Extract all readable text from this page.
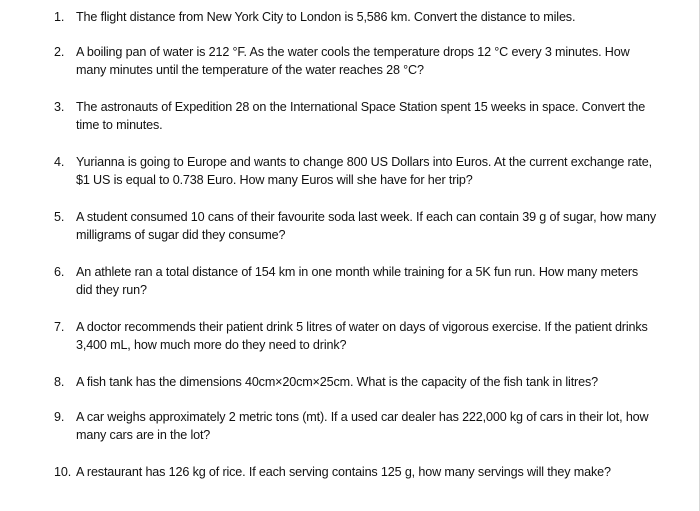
1. The flight distance from New York City to London is 5,586 km. Convert the distance to miles.
2. A boiling pan of water is 212 °F. As the water cools the temperature drops 12 °C every 3 minutes. How many minutes until the temperature of the water reaches 28 °C?
3. The astronauts of Expedition 28 on the International Space Station spent 15 weeks in space. Convert the time to minutes.
4. Yurianna is going to Europe and wants to change 800 US Dollars into Euros. At the current exchange rate, $1 US is equal to 0.738 Euro. How many Euros will she have for her trip?
5. A student consumed 10 cans of their favourite soda last week. If each can contain 39 g of sugar, how many milligrams of sugar did they consume?
6. An athlete ran a total distance of 154 km in one month while training for a 5K fun run. How many meters did they run?
7. A doctor recommends their patient drink 5 litres of water on days of vigorous exercise. If the patient drinks 3,400 mL, how much more do they need to drink?
8. A fish tank has the dimensions 40cm×20cm×25cm. What is the capacity of the fish tank in litres?
9. A car weighs approximately 2 metric tons (mt). If a used car dealer has 222,000 kg of cars in their lot, how many cars are in the lot?
10. A restaurant has 126 kg of rice. If each serving contains 125 g, how many servings will they make?
